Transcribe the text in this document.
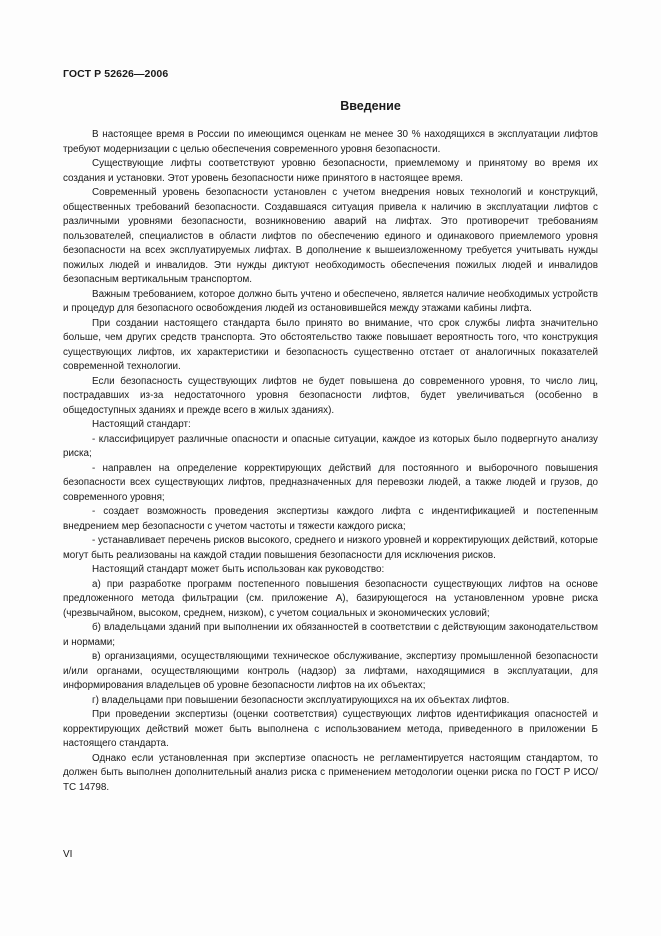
ГОСТ Р 52626—2006
Введение

В настоящее время в России по имеющимся оценкам не менее 30 % находящихся в эксплуатации лифтов требуют модернизации с целью обеспечения современного уровня безопасности.

Существующие лифты соответствуют уровню безопасности, приемлемому и принятому во время их создания и установки. Этот уровень безопасности ниже принятого в настоящее время.

Современный уровень безопасности установлен с учетом внедрения новых технологий и конструкций, общественных требований безопасности. Создавшаяся ситуация привела к наличию в эксплуатации лифтов с различными уровнями безопасности, возникновению аварий на лифтах. Это противоречит требованиям пользователей, специалистов в области лифтов по обеспечению единого и одинакового приемлемого уровня безопасности на всех эксплуатируемых лифтах. В дополнение к вышеизложенному требуется учитывать нужды пожилых людей и инвалидов. Эти нужды диктуют необходимость обеспечения пожилых людей и инвалидов безопасным вертикальным транспортом.

Важным требованием, которое должно быть учтено и обеспечено, является наличие необходимых устройств и процедур для безопасного освобождения людей из остановившейся между этажами кабины лифта.

При создании настоящего стандарта было принято во внимание, что срок службы лифта значительно больше, чем других средств транспорта. Это обстоятельство также повышает вероятность того, что конструкция существующих лифтов, их характеристики и безопасность существенно отстает от аналогичных показателей современной технологии.

Если безопасность существующих лифтов не будет повышена до современного уровня, то число лиц, пострадавших из-за недостаточного уровня безопасности лифтов, будет увеличиваться (особенно в общедоступных зданиях и прежде всего в жилых зданиях).

Настоящий стандарт:

- классифицирует различные опасности и опасные ситуации, каждое из которых было подвергнуто анализу риска;

- направлен на определение корректирующих действий для постоянного и выборочного повышения безопасности всех существующих лифтов, предназначенных для перевозки людей, а также людей и грузов, до современного уровня;

- создает возможность проведения экспертизы каждого лифта с индентификацией и постепенным внедрением мер безопасности с учетом частоты и тяжести каждого риска;

- устанавливает перечень рисков высокого, среднего и низкого уровней и корректирующих действий, которые могут быть реализованы на каждой стадии повышения безопасности для исключения рисков.

Настоящий стандарт может быть использован как руководство:

а) при разработке программ постепенного повышения безопасности существующих лифтов на основе предложенного метода фильтрации (см. приложение А), базирующегося на установленном уровне риска (чрезвычайном, высоком, среднем, низком), с учетом социальных и экономических условий;

б) владельцами зданий при выполнении их обязанностей в соответствии с действующим законодательством и нормами;

в) организациями, осуществляющими техническое обслуживание, экспертизу промышленной безопасности и/или органами, осуществляющими контроль (надзор) за лифтами, находящимися в эксплуатации, для информирования владельцев об уровне безопасности лифтов на их объектах;

г) владельцами при повышении безопасности эксплуатирующихся на их объектах лифтов.

При проведении экспертизы (оценки соответствия) существующих лифтов идентификация опасностей и корректирующих действий может быть выполнена с использованием метода, приведенного в приложении Б настоящего стандарта.

Однако если установленная при экспертизе опасность не регламентируется настоящим стандартом, то должен быть выполнен дополнительный анализ риска с применением методологии оценки риска по ГОСТ Р ИСО/ТС 14798.

VI
